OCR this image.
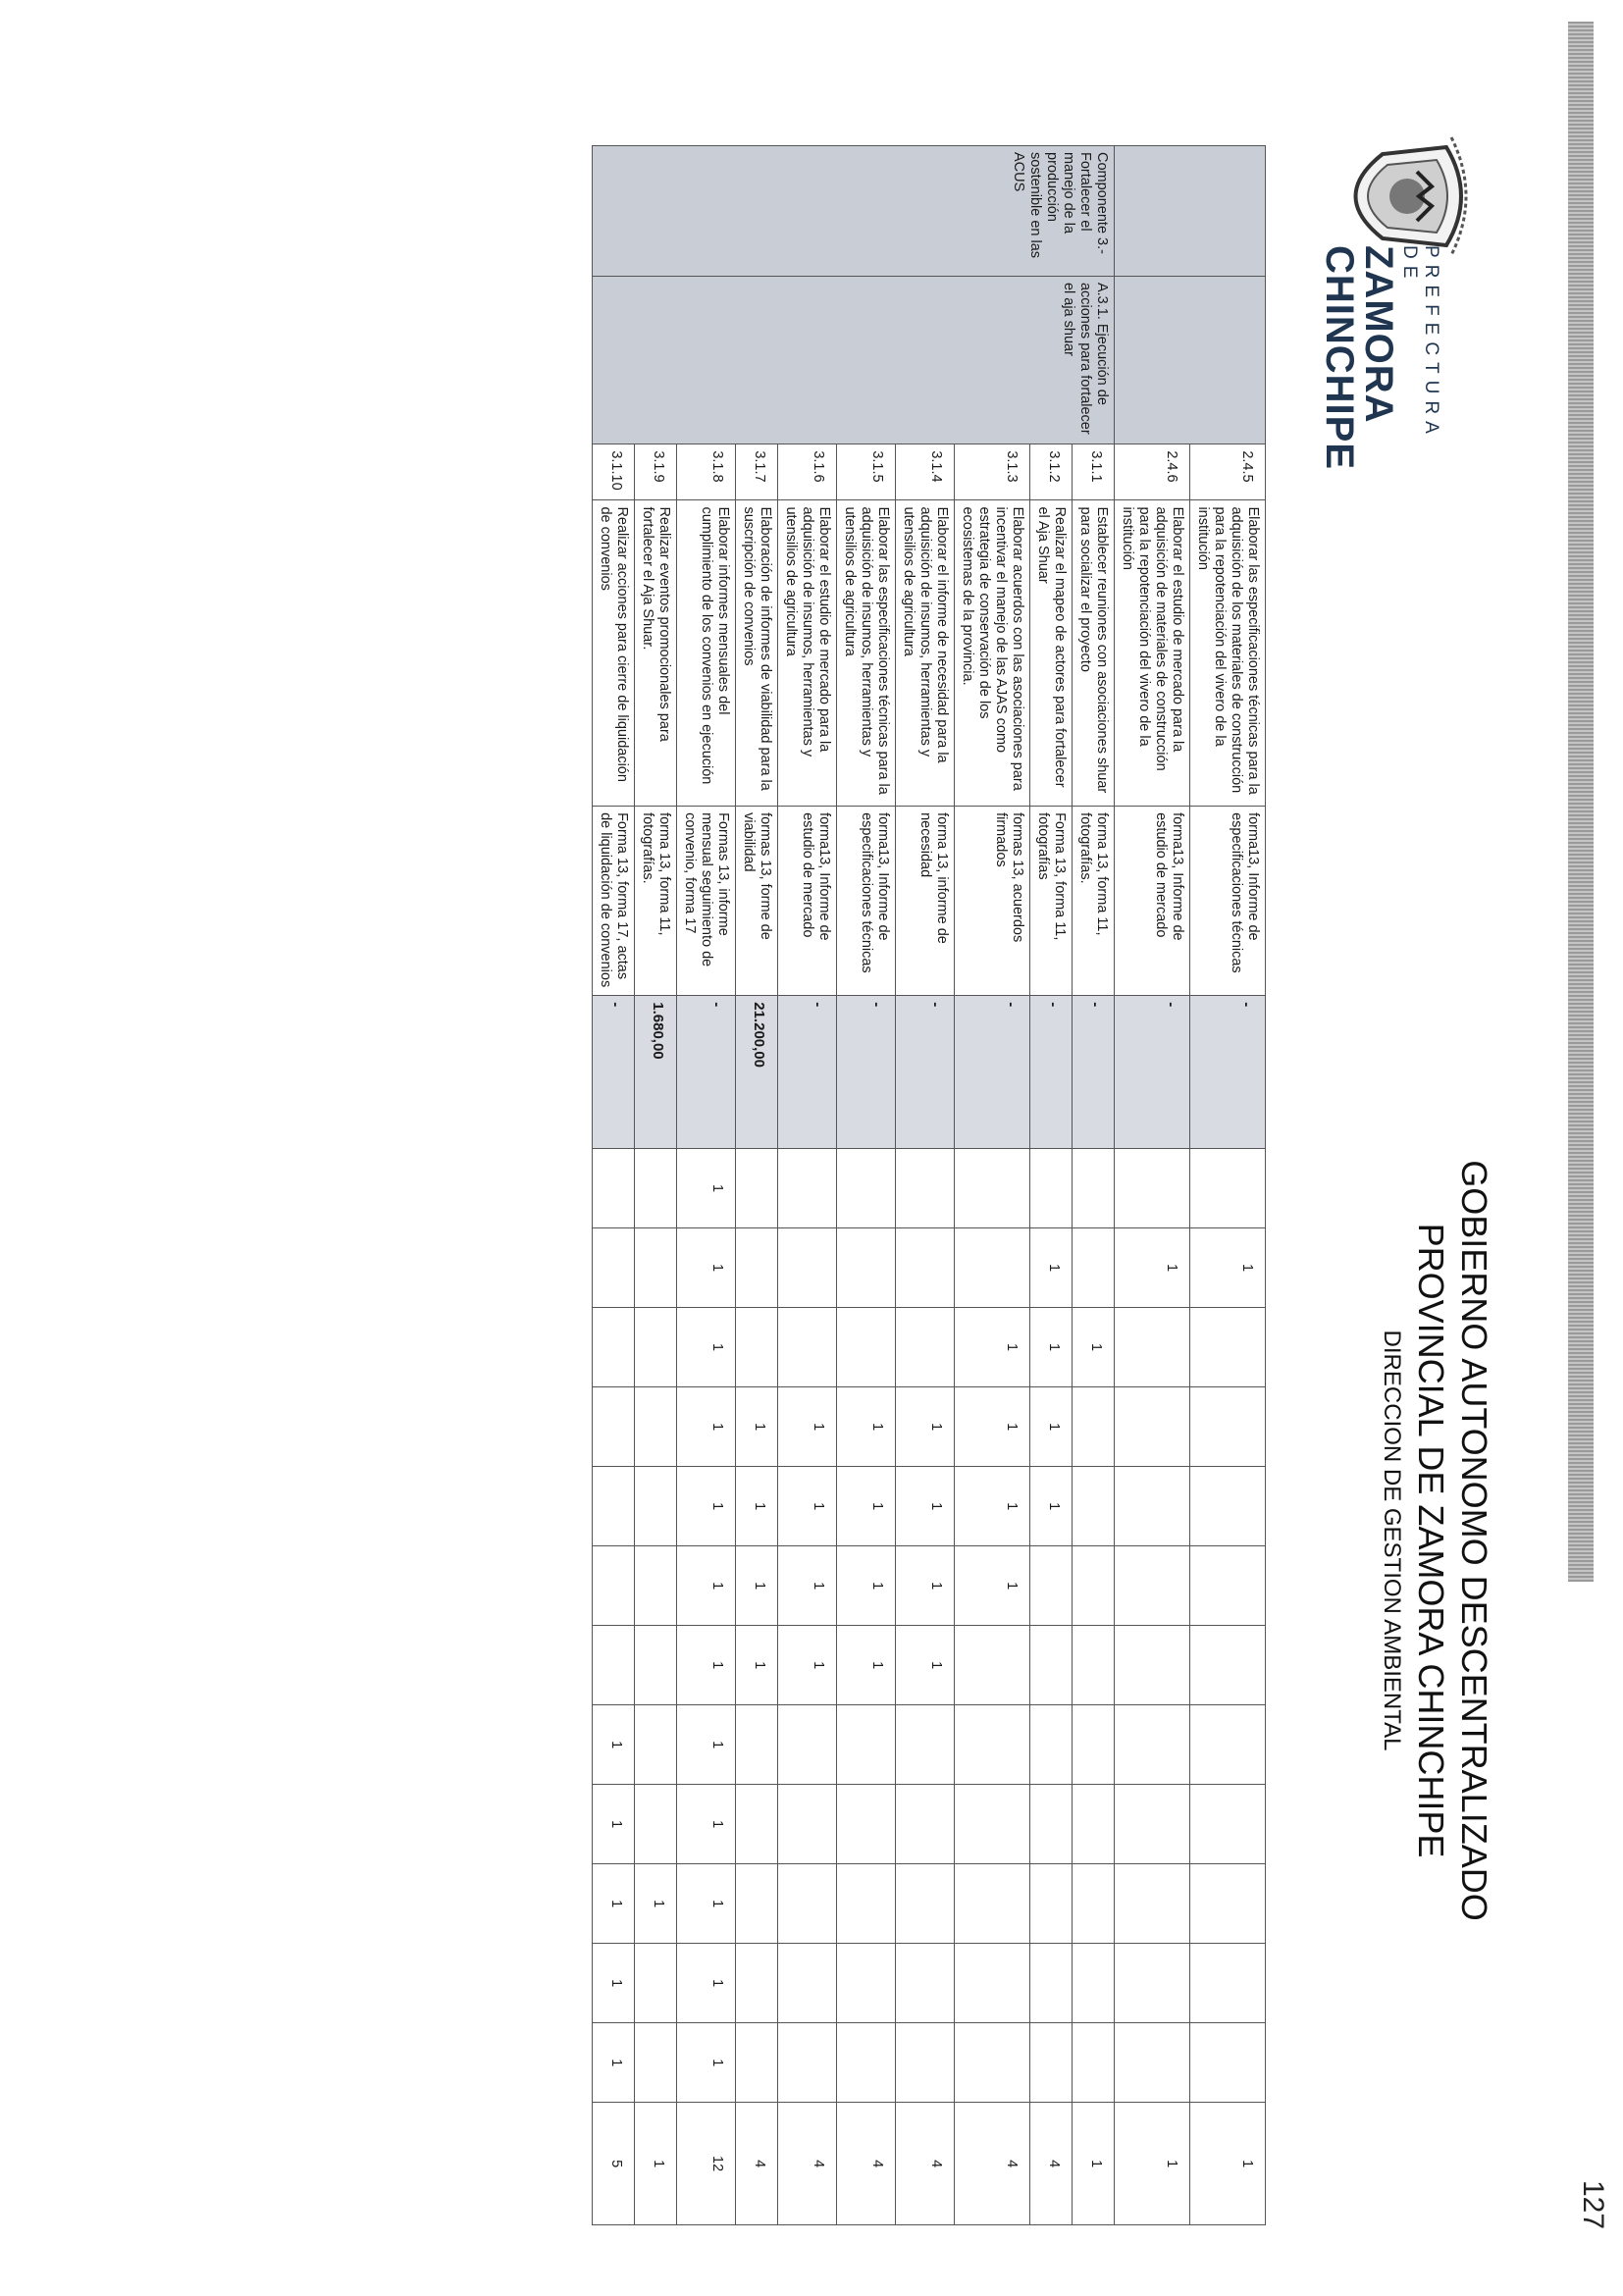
PREFECTURA DE
ZAMORA
CHINCHIPE
GOBIERNO AUTONOMO DESCENTRALIZADO
PROVINCIAL DE ZAMORA CHINCHIPE
DIRECCION DE GESTION AMBIENTAL
		2.4.5	Elaborar las especificaciones técnicas para la adquisición de los materiales de construcción para la repotenciación del vivero de la institución	forma13, Informe de especificaciones técnicas	-		1											1
		2.4.6	Elaborar el estudio de mercado para la adquisición de materiales de construcción para la repotenciación del vivero de la institución	forma13, Informe de estudio de mercado	-		1											1
Componente 3.- Fortalecer el manejo de la producción sostenible en las ACUS	A.3.1. Ejecución de acciones para fortalecer el aja shuar	3.1.1	Establecer reuniones con asociaciones shuar para socializar el proyecto	forma 13, forma 11, fotografías.	-			1										1
		3.1.2	Realizar el mapeo de actores para fortalecer el Aja Shuar	Forma 13, forma 11, fotografías	-		1	1	1	1								4
		3.1.3	Elaborar acuerdos con las asociaciones para incentivar el manejo de las AJAS como estrategia de conservación de los ecosistemas de la provincia.	formas 13, acuerdos firmados	-			1	1	1	1							4
		3.1.4	Elaborar el informe de necesidad para la adquisición de insumos, herramientas y utensilios de agricultura	forma 13, informe de necesidad	-				1	1	1	1						4
		3.1.5	Elaborar las especificaciones técnicas para la adquisición de insumos, herramientas y utensilios de agricultura	forma13, Informe de especificaciones técnicas	-				1	1	1	1						4
		3.1.6	Elaborar el estudio de mercado para la adquisición de insumos, herramientas y utensilios de agricultura	forma13, Informe de estudio de mercado	-				1	1	1	1						4
		3.1.7	Elaboración de informes de viabilidad para la suscripción de convenios	formas 13, forme de viabilidad	21.200,00				1	1	1	1						4
		3.1.8	Elaborar informes mensuales del cumplimiento de los convenios en ejecución	Formas 13, informe mensual seguimiento de convenio, forma 17	-	1	1	1	1	1	1	1	1	1	1	1	1	12
		3.1.9	Realizar eventos promocionales para fortalecer el Aja Shuar.	forma 13, forma 11, fotografías.	1.680,00										1			1
		3.1.10	Realizar acciones para cierre de liquidación de convenios	Forma 13, forma 17, actas de liquidación de convenios	-								1	1	1	1	1	5
127
